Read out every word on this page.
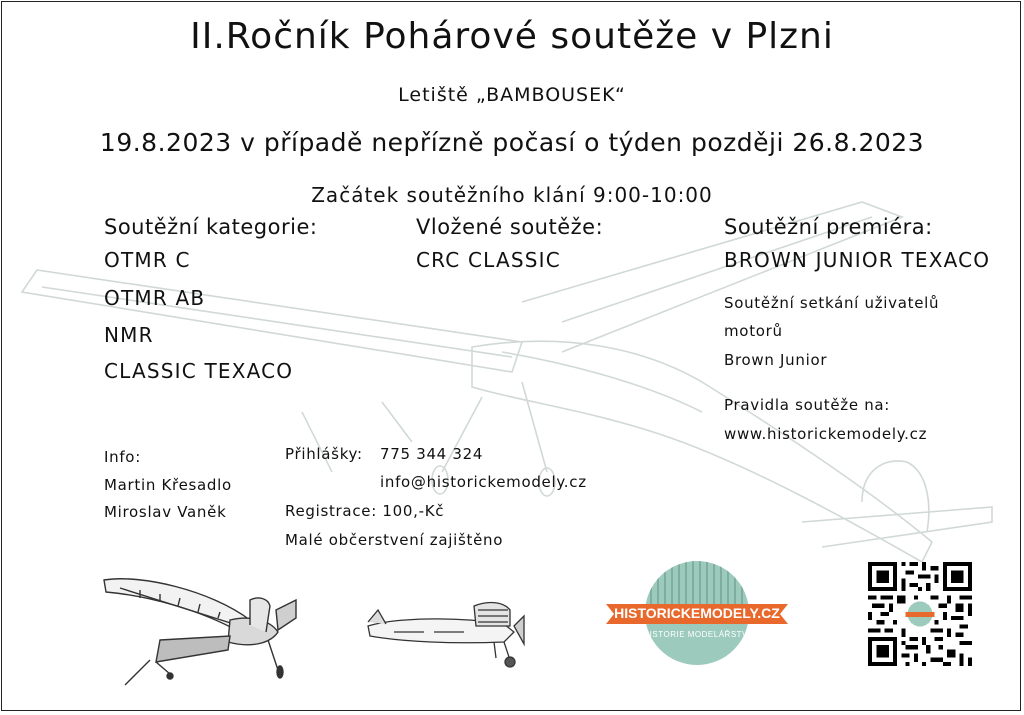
II.Ročník Pohárové soutěže v Plzni
Letiště „BAMBOUSEK“
19.8.2023 v případě nepřízně počasí o týden později 26.8.2023
Začátek soutěžního klání 9:00-10:00
Soutěžní kategorie:
OTMR C
OTMR AB
NMR
CLASSIC TEXACO
Vložené soutěže:
CRC CLASSIC
Soutěžní premiéra:
BROWN JUNIOR TEXACO
Soutěžní setkání uživatelů
motorů
Brown Junior
Pravidla soutěže na:
www.historickemodely.cz
Info:
Martin Křesadlo
Miroslav Vaněk
Přihlášky: 775 344 324
info@historickemodely.cz
Registrace: 100,-Kč
Malé občerstvení zajištěno
HISTORICKEMODELY.CZ
HISTORIE MODELÁŘSTVÍ
